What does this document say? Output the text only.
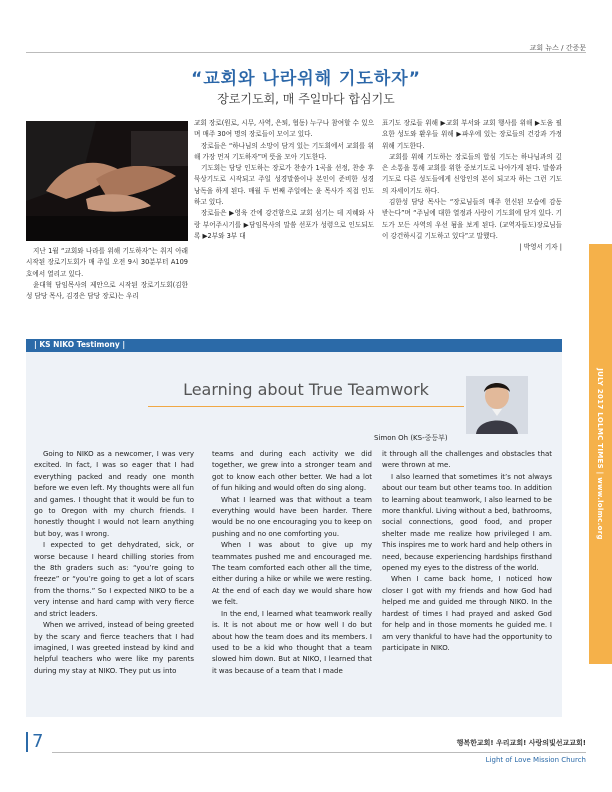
교회 뉴스 / 간증문
“교회와 나라위해 기도하자”
장로기도회, 매 주일마다 합심기도

지난 1월 “교회와 나라를 위해 기도하자”는 취지 아래 시작된 장로기도회가 매 주일 오전 9시 30분부터 A109호에서 열리고 있다.

윤대혁 담임목사의 제안으로 시작된 장로기도회(김한성 담당 목사, 김경은 담당 장로)는 우리

교회 장로(원로, 시무, 사역, 은퇴, 협동) 누구나 참여할 수 있으며 매주 30여 명의 장로들이 모이고 있다.

장로들은 “하나님의 소망이 담겨 있는 기도회에서 교회를 위해 가장 먼저 기도하자”며 뜻을 모아 기도한다.

기도회는 담당 인도하는 장로가 찬송가 1곡을 선정, 찬송 후 묵상기도로 시작되고 주일 성경말씀이나 본인이 준비한 성경 낭독을 하게 된다. 매월 두 번째 주일에는 윤 목사가 직접 인도하고 있다.

장로들은 ▶영육 간에 강건함으로 교회 섬기는 데 지혜와 사랑 부어주시기를 ▶담임목사의 말씀 선포가 성령으로 인도되도록 ▶2부와 3부 대

표기도 장로들 위해 ▶교회 부서와 교회 행사를 위해 ▶도움 필요한 성도와 환우들 위해 ▶파우에 있는 장로들의 건강과 가정 위해 기도한다.

교회를 위해 기도하는 장로들의 합심 기도는 하나님과의 깊은 소통을 통해 교회를 위한 중보기도로 나아가게 된다. 말씀과 기도로 다른 성도들에게 신앙인의 본이 되고자 하는 그런 기도의 자세이기도 하다.

김한성 담당 목사는 “장로님들의 매주 헌신된 모습에 감동 받는다”며 “주님에 대한 열정과 사랑이 기도회에 담겨 있다. 기도가 모든 사역의 우선 됨을 보게 된다. (교역자들도)장로님들이 강건하시길 기도하고 있다”고 말했다.

| 박영서 기자 |

JULY 2017 LOLMC TIMES | www.lolmc.org
| KS NIKO Testimony |
Learning about True Teamwork
Simon Oh (KS-중등부)

Going to NIKO as a newcomer, I was very excited. In fact, I was so eager that I had everything packed and ready one month before we even left. My thoughts were all fun and games. I thought that it would be fun to go to Oregon with my church friends. I honestly thought I would not learn anything but boy, was I wrong.

I expected to get dehydrated, sick, or worse because I heard chilling stories from the 8th graders such as: “you’re going to freeze” or “you’re going to get a lot of scars from the thorns.” So I expected NIKO to be a very intense and hard camp with very fierce and strict leaders.

When we arrived, instead of being greeted by the scary and fierce teachers that I had imagined, I was greeted instead by kind and helpful teachers who were like my parents during my stay at NIKO. They put us into

teams and during each activity we did together, we grew into a stronger team and got to know each other better. We had a lot of fun hiking and would often do sing along.

What I learned was that without a team everything would have been harder. There would be no one encouraging you to keep on pushing and no one comforting you.

When I was about to give up my teammates pushed me and encouraged me. The team comforted each other all the time, either during a hike or while we were resting. At the end of each day we would share how we felt.

In the end, I learned what teamwork really is. It is not about me or how well I do but about how the team does and its members. I used to be a kid who thought that a team slowed him down. But at NIKO, I learned that it was because of a team that I made

it through all the challenges and obstacles that were thrown at me.

I also learned that sometimes it’s not always about our team but other teams too. In addition to learning about teamwork, I also learned to be more thankful. Living without a bed, bathrooms, social connections, good food, and proper shelter made me realize how privileged I am. This inspires me to work hard and help others in need, because experiencing hardships firsthand opened my eyes to the distress of the world.

When I came back home, I noticed how closer I got with my friends and how God had helped me and guided me through NIKO. In the hardest of times I had prayed and asked God for help and in those moments he guided me. I am very thankful to have had the opportunity to participate in NIKO.

7	행복한교회! 우리교회! 사랑의빛선교교회!
Light of Love Mission Church
